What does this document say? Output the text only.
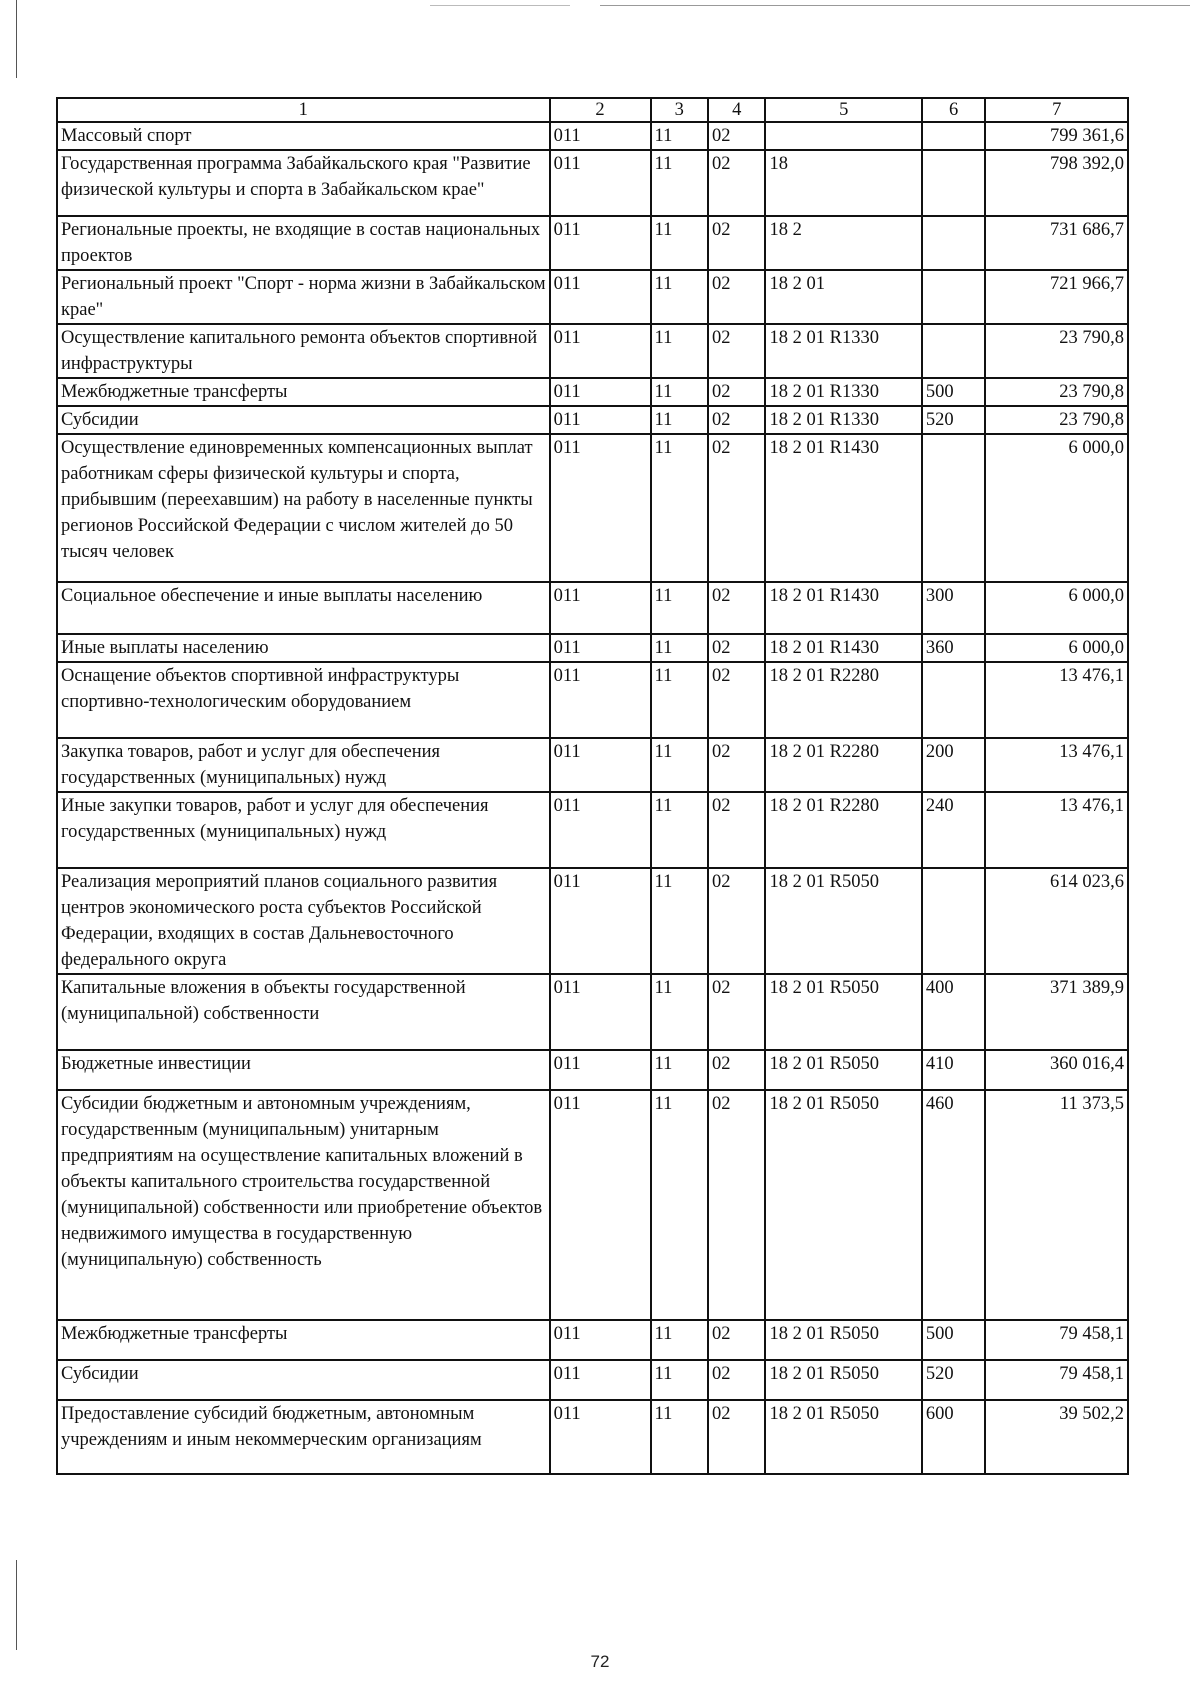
1	2	3	4	5	6	7
Массовый спорт	011	11	02			799 361,6
Государственная программа Забайкальского края "Развитие физической культуры и спорта в Забайкальском крае"	011	11	02	18		798 392,0
Региональные проекты, не входящие в состав национальных проектов	011	11	02	18 2		731 686,7
Региональный проект "Спорт - норма жизни в Забайкальском крае"	011	11	02	18 2 01		721 966,7
Осуществление капитального ремонта объектов спортивной инфраструктуры	011	11	02	18 2 01 R1330		23 790,8
Межбюджетные трансферты	011	11	02	18 2 01 R1330	500	23 790,8
Субсидии	011	11	02	18 2 01 R1330	520	23 790,8
Осуществление единовременных компенсационных выплат работникам сферы физической культуры и спорта, прибывшим (переехавшим) на работу в населенные пункты регионов Российской Федерации с числом жителей до 50 тысяч человек	011	11	02	18 2 01 R1430		6 000,0
Социальное обеспечение и иные выплаты населению	011	11	02	18 2 01 R1430	300	6 000,0
Иные выплаты населению	011	11	02	18 2 01 R1430	360	6 000,0
Оснащение объектов спортивной инфраструктуры спортивно-технологическим оборудованием	011	11	02	18 2 01 R2280		13 476,1
Закупка товаров, работ и услуг для обеспечения государственных (муниципальных) нужд	011	11	02	18 2 01 R2280	200	13 476,1
Иные закупки товаров, работ и услуг для обеспечения государственных (муниципальных) нужд	011	11	02	18 2 01 R2280	240	13 476,1
Реализация мероприятий планов социального развития центров экономического роста субъектов Российской Федерации, входящих в состав Дальневосточного федерального округа	011	11	02	18 2 01 R5050		614 023,6
Капитальные вложения в объекты государственной (муниципальной) собственности	011	11	02	18 2 01 R5050	400	371 389,9
Бюджетные инвестиции	011	11	02	18 2 01 R5050	410	360 016,4
Субсидии бюджетным и автономным учреждениям, государственным (муниципальным) унитарным предприятиям на осуществление капитальных вложений в объекты капитального строительства государственной (муниципальной) собственности или приобретение объектов недвижимого имущества в государственную (муниципальную) собственность	011	11	02	18 2 01 R5050	460	11 373,5
Межбюджетные трансферты	011	11	02	18 2 01 R5050	500	79 458,1
Субсидии	011	11	02	18 2 01 R5050	520	79 458,1
Предоставление субсидий бюджетным, автономным учреждениям и иным некоммерческим организациям	011	11	02	18 2 01 R5050	600	39 502,2
72
